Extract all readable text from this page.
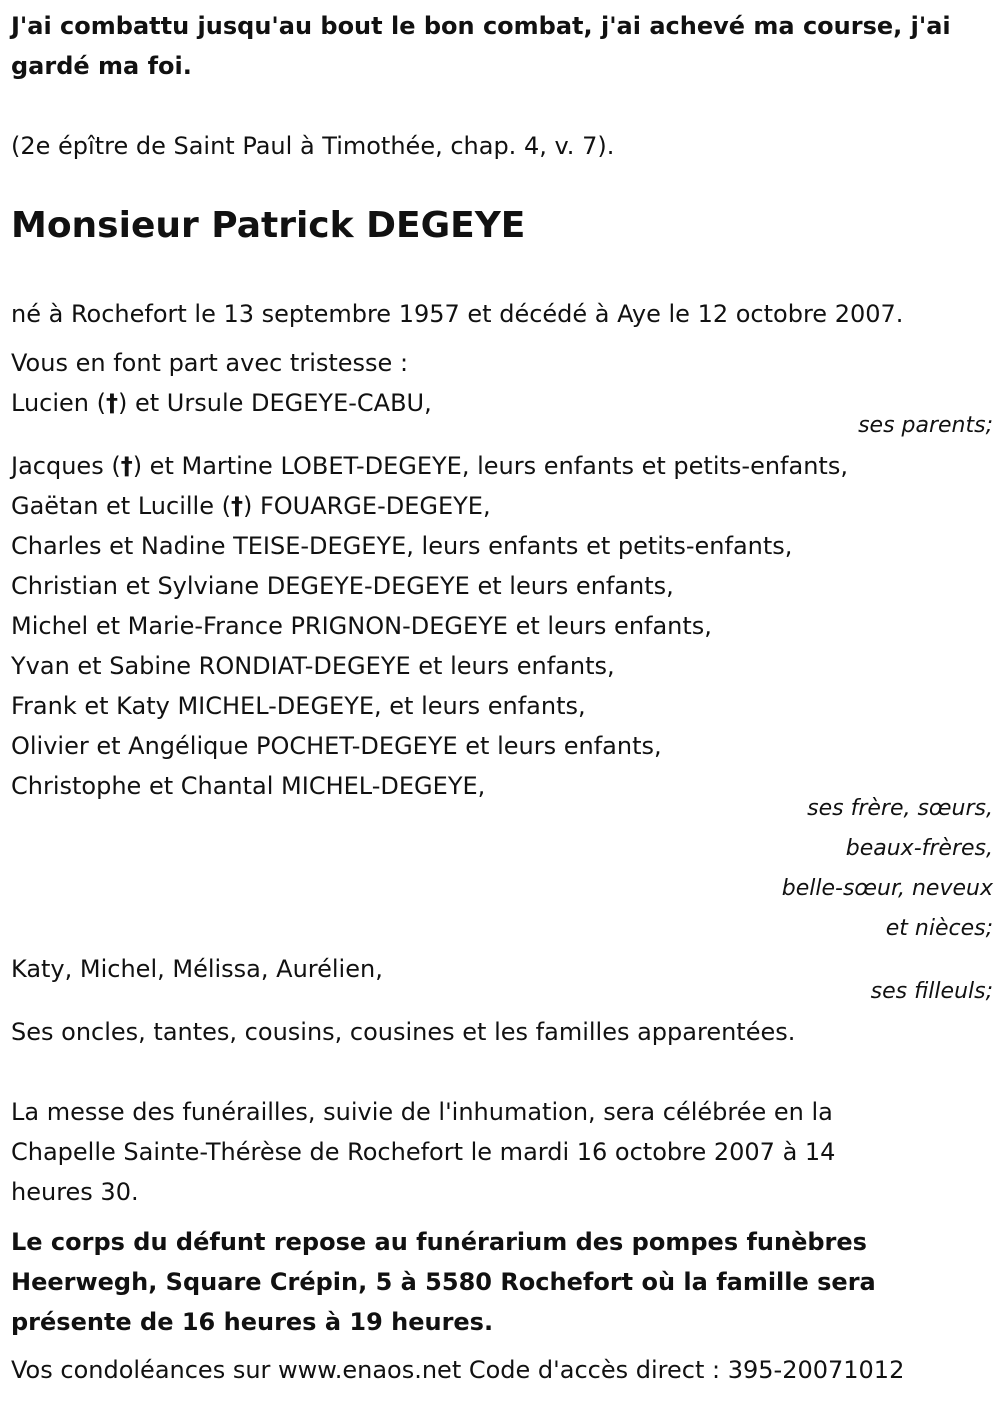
J'ai combattu jusqu'au bout le bon combat, j'ai achevé ma course, j'ai
gardé ma foi.
(2e épître de Saint Paul à Timothée, chap. 4, v. 7).
Monsieur Patrick DEGEYE
né à Rochefort le 13 septembre 1957 et décédé à Aye le 12 octobre 2007.
Vous en font part avec tristesse :
Lucien (†) et Ursule DEGEYE-CABU,
ses parents;
Jacques (†) et Martine LOBET-DEGEYE, leurs enfants et petits-enfants,
Gaëtan et Lucille (†) FOUARGE-DEGEYE,
Charles et Nadine TEISE-DEGEYE, leurs enfants et petits-enfants,
Christian et Sylviane DEGEYE-DEGEYE et leurs enfants,
Michel et Marie-France PRIGNON-DEGEYE et leurs enfants,
Yvan et Sabine RONDIAT-DEGEYE et leurs enfants,
Frank et Katy MICHEL-DEGEYE, et leurs enfants,
Olivier et Angélique POCHET-DEGEYE et leurs enfants,
Christophe et Chantal MICHEL-DEGEYE,
ses frère, sœurs,
beaux-frères,
belle-sœur, neveux
et nièces;
Katy, Michel, Mélissa, Aurélien,
ses filleuls;
Ses oncles, tantes, cousins, cousines et les familles apparentées.
La messe des funérailles, suivie de l'inhumation, sera célébrée en la
Chapelle Sainte-Thérèse de Rochefort le mardi 16 octobre 2007 à 14
heures 30.
Le corps du défunt repose au funérarium des pompes funèbres
Heerwegh, Square Crépin, 5 à 5580 Rochefort où la famille sera
présente de 16 heures à 19 heures.
Vos condoléances sur www.enaos.net Code d'accès direct : 395-20071012
